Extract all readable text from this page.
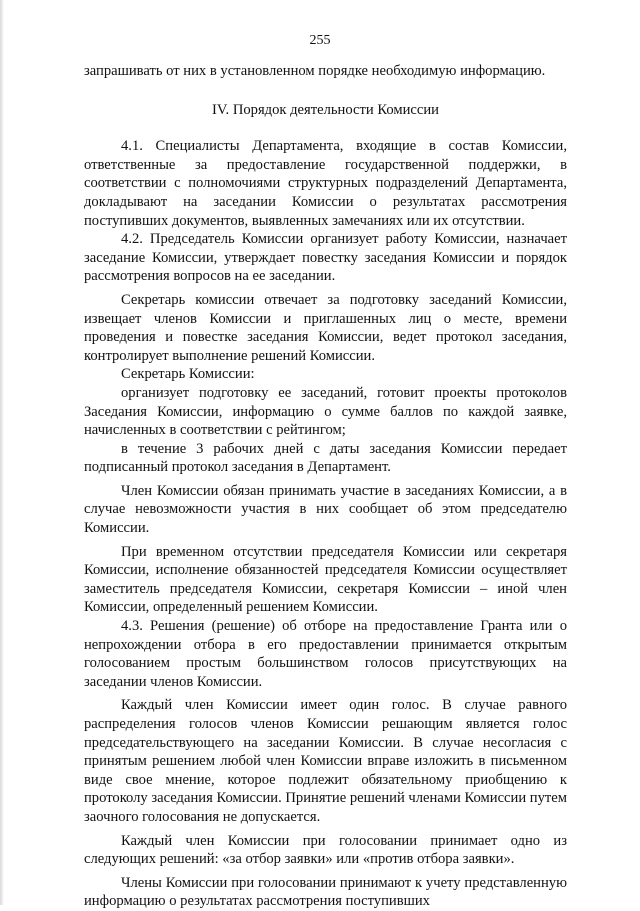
255

запрашивать от них в установленном порядке необходимую информацию.

IV. Порядок деятельности Комиссии

4.1. Специалисты Департамента, входящие в состав Комиссии, ответственные за предоставление государственной поддержки, в соответствии с полномочиями структурных подразделений Департамента, докладывают на заседании Комиссии о результатах рассмотрения поступивших документов, выявленных замечаниях или их отсутствии.

4.2. Председатель Комиссии организует работу Комиссии, назначает заседание Комиссии, утверждает повестку заседания Комиссии и порядок рассмотрения вопросов на ее заседании.

Секретарь комиссии отвечает за подготовку заседаний Комиссии, извещает членов Комиссии и приглашенных лиц о месте, времени проведения и повестке заседания Комиссии, ведет протокол заседания, контролирует выполнение решений Комиссии.

Секретарь Комиссии:

организует подготовку ее заседаний, готовит проекты протоколов Заседания Комиссии, информацию о сумме баллов по каждой заявке, начисленных в соответствии с рейтингом;

в течение 3 рабочих дней с даты заседания Комиссии передает подписанный протокол заседания в Департамент.

Член Комиссии обязан принимать участие в заседаниях Комиссии, а в случае невозможности участия в них сообщает об этом председателю Комиссии.

При временном отсутствии председателя Комиссии или секретаря Комиссии, исполнение обязанностей председателя Комиссии осуществляет заместитель председателя Комиссии, секретаря Комиссии – иной член Комиссии, определенный решением Комиссии.

4.3. Решения (решение) об отборе на предоставление Гранта или о непрохождении отбора в его предоставлении принимается открытым голосованием простым большинством голосов присутствующих на заседании членов Комиссии.

Каждый член Комиссии имеет один голос. В случае равного распределения голосов членов Комиссии решающим является голос председательствующего на заседании Комиссии. В случае несогласия с принятым решением любой член Комиссии вправе изложить в письменном виде свое мнение, которое подлежит обязательному приобщению к протоколу заседания Комиссии. Принятие решений членами Комиссии путем заочного голосования не допускается.

Каждый член Комиссии при голосовании принимает одно из следующих решений: «за отбор заявки» или «против отбора заявки».

Члены Комиссии при голосовании принимают к учету представленную информацию о результатах рассмотрения поступивших
